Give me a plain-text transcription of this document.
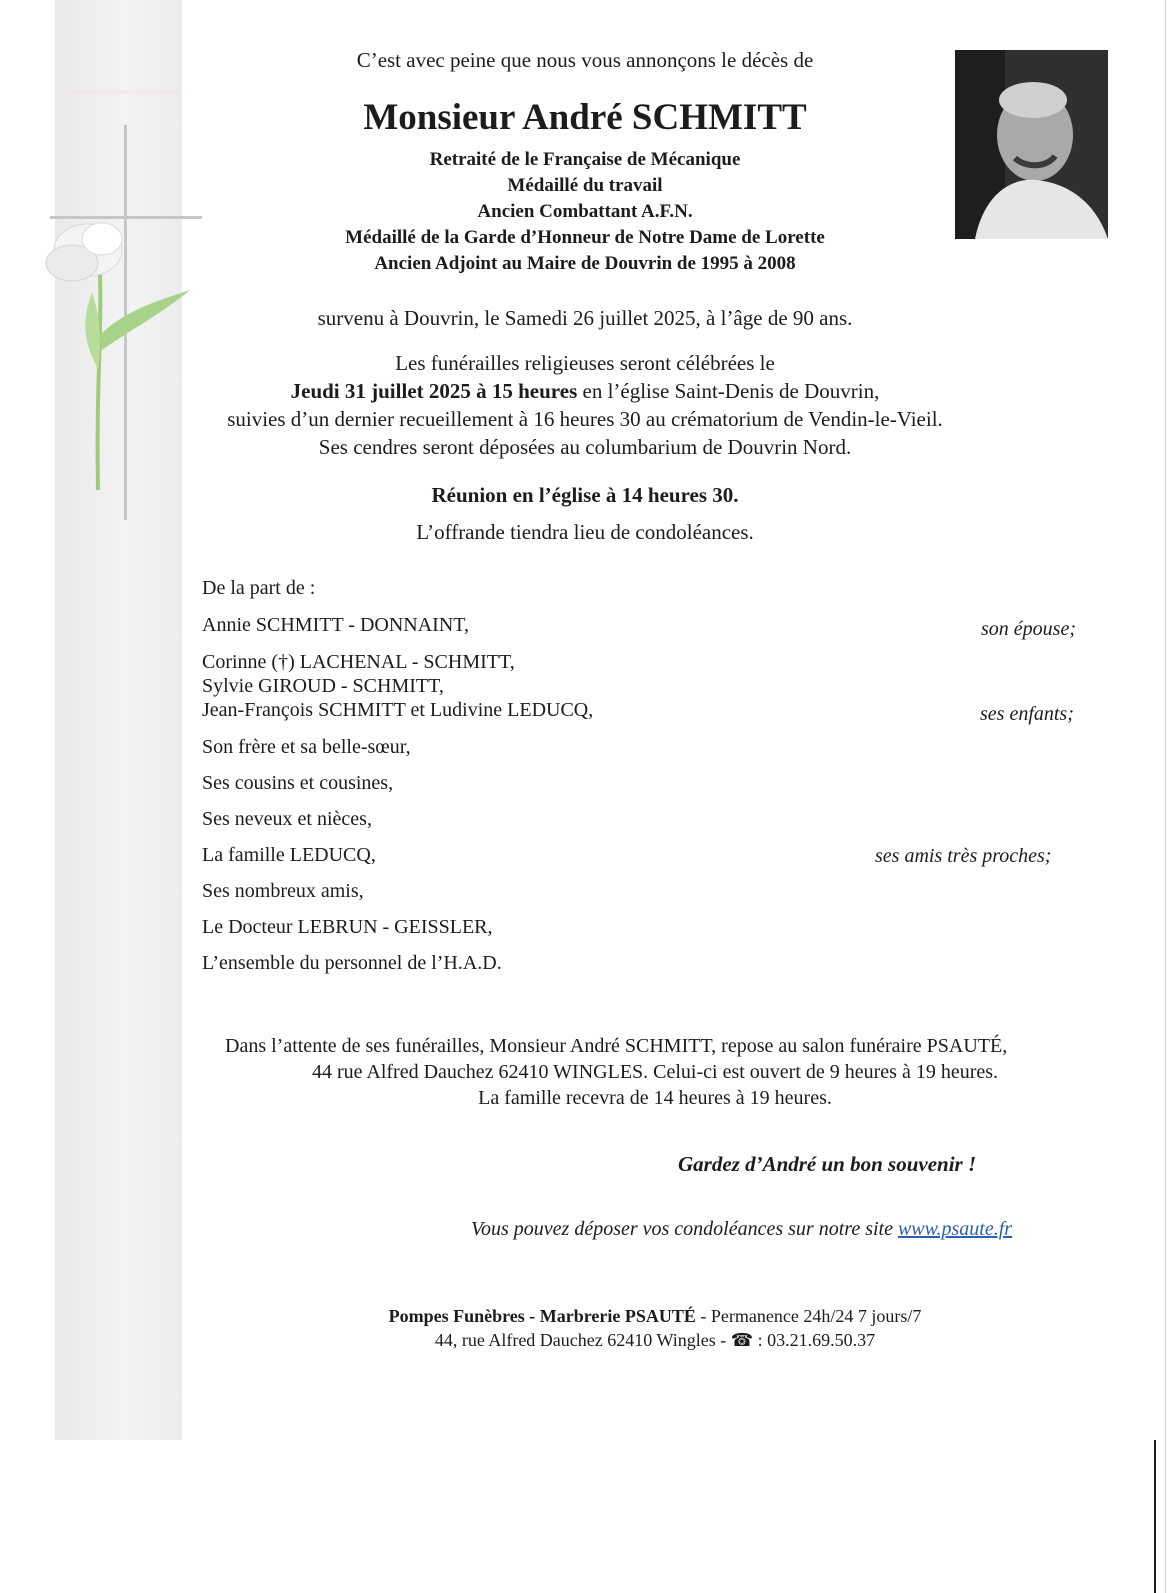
C’est avec peine que nous vous annonçons le décès de
Monsieur André SCHMITT
Retraité de le Française de Mécanique
Médaillé du travail
Ancien Combattant A.F.N.
Médaillé de la Garde d’Honneur de Notre Dame de Lorette
Ancien Adjoint au Maire de Douvrin de 1995 à 2008
survenu à Douvrin, le Samedi 26 juillet 2025, à l’âge de 90 ans.
Les funérailles religieuses seront célébrées le
Jeudi 31 juillet 2025 à 15 heures en l’église Saint-Denis de Douvrin,
suivies d’un dernier recueillement à 16 heures 30 au crématorium de Vendin-le-Vieil.
Ses cendres seront déposées au columbarium de Douvrin Nord.
Réunion en l’église à 14 heures 30.
L’offrande tiendra lieu de condoléances.
De la part de :
Annie SCHMITT - DONNAINT,
Corinne (†) LACHENAL - SCHMITT,
Sylvie GIROUD - SCHMITT,
Jean-François SCHMITT et Ludivine LEDUCQ,
Son frère et sa belle-sœur,
Ses cousins et cousines,
Ses neveux et nièces,
La famille LEDUCQ,
Ses nombreux amis,
Le Docteur LEBRUN - GEISSLER,
L’ensemble du personnel de l’H.A.D.
son épouse;
ses enfants;
ses amis très proches;
Dans l’attente de ses funérailles, Monsieur André SCHMITT, repose au salon funéraire PSAUTÉ,
44 rue Alfred Dauchez 62410 WINGLES. Celui-ci est ouvert de 9 heures à 19 heures.
La famille recevra de 14 heures à 19 heures.
Gardez d’André un bon souvenir !
Vous pouvez déposer vos condoléances sur notre site www.psaute.fr
Pompes Funèbres - Marbrerie PSAUTÉ - Permanence 24h/24 7 jours/7
44, rue Alfred Dauchez 62410 Wingles - ☎ : 03.21.69.50.37
